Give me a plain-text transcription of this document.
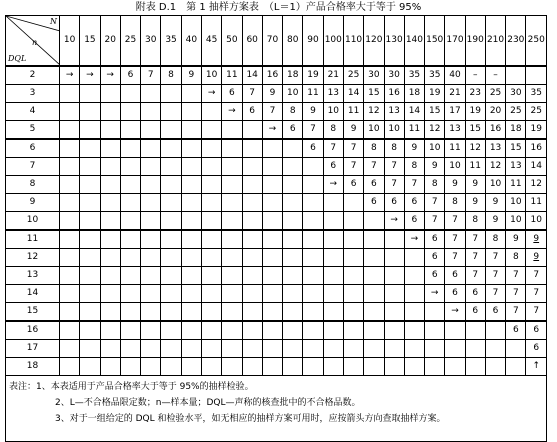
附表 D.1　第 1 抽样方案表　（L＝1）产品合格率大于等于 95%
N
n
DQL	10	15	20	25	30	35	40	45	50	60	70	80	90	100	110	120	130	140	150	170	190	210	230	250
2	→	→	→	6	7	8	9	10	11	14	16	18	19	21	25	30	30	35	35	40	–	–		
3								→	6	7	9	10	11	13	14	15	16	18	19	21	23	25	30	35
4									→	6	7	8	9	10	11	12	13	14	15	17	19	20	25	25
5											→	6	7	8	9	10	10	11	12	13	15	16	18	19
6													6	7	7	8	8	9	10	11	12	13	15	16
7														6	7	7	7	8	9	10	11	12	13	14
8														→	6	6	7	7	8	9	9	10	11	12
9																6	6	6	7	8	9	9	10	11
10																	→	6	7	7	8	9	10	10
11																		→	6	7	7	8	9	9
12																			6	7	7	7	8	9
13																			6	6	7	7	7	7
14																			→	6	6	7	7	7
15																				→	6	6	7	7
16																							6	6
17																								6
18																								↑

表注：1、本表适用于产品合格率大于等于 95%的抽样检验。
2、L—不合格品限定数；n—样本量；DQL—声称的核查批中的不合格品数。
3、对于一组给定的 DQL 和检验水平，如无相应的抽样方案可用时，应按箭头方向查取抽样方案。																								
